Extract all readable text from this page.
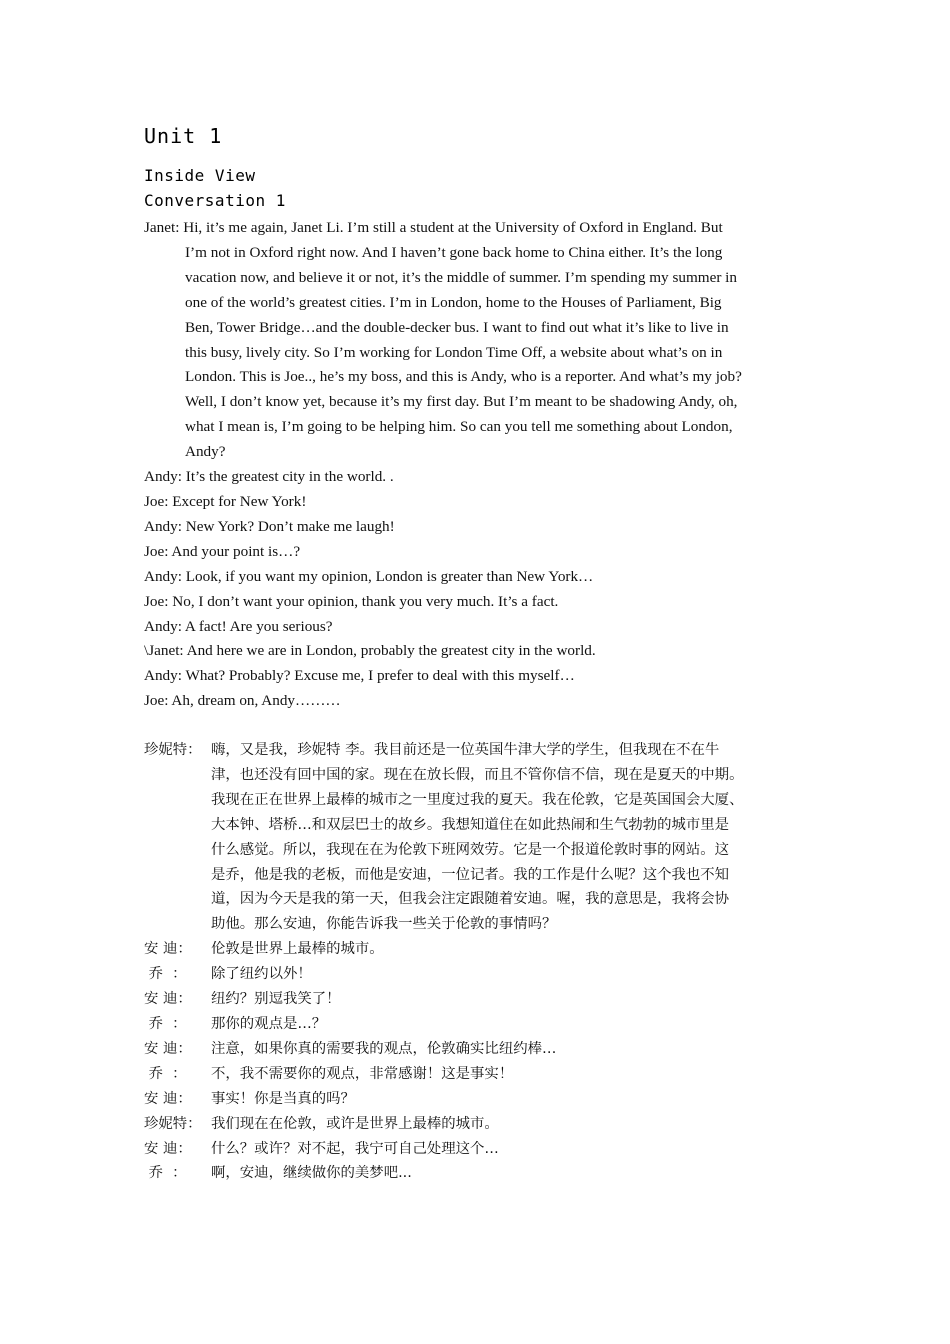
Unit 1
Inside View
Conversation 1
Janet: Hi, it’s me again, Janet Li. I’m still a student at the University of Oxford in England. But
I’m not in Oxford right now. And I haven’t gone back home to China either. It’s the long
vacation now, and believe it or not, it’s the middle of summer. I’m spending my summer in
one of the world’s greatest cities. I’m in London, home to the Houses of Parliament, Big
Ben, Tower Bridge…and the double-decker bus. I want to find out what it’s like to live in
this busy, lively city. So I’m working for London Time Off, a website about what’s on in
London. This is Joe.., he’s my boss, and this is Andy, who is a reporter. And what’s my job?
Well, I don’t know yet, because it’s my first day. But I’m meant to be shadowing Andy, oh,
what I mean is, I’m going to be helping him. So can you tell me something about London,
Andy?
Andy: It’s the greatest city in the world. .
Joe: Except for New York!
Andy: New York? Don’t make me laugh!
Joe: And your point is…?
Andy: Look, if you want my opinion, London is greater than New York…
Joe: No, I don’t want your opinion, thank you very much. It’s a fact.
Andy: A fact! Are you serious?
\Janet: And here we are in London, probably the greatest city in the world.
Andy: What? Probably? Excuse me, I prefer to deal with this myself…
Joe: Ah, dream on, Andy………
珍妮特： 嗨，又是我，珍妮特 李。我目前还是一位英国牛津大学的学生，但我现在不在牛
津，也还没有回中国的家。现在在放长假，而且不管你信不信，现在是夏天的中期。
我现在正在世界上最棒的城市之一里度过我的夏天。我在伦敦，它是英国国会大厦、
大本钟、塔桥…和双层巴士的故乡。我想知道住在如此热闹和生气勃勃的城市里是
什么感觉。所以，我现在在为伦敦下班网效劳。它是一个报道伦敦时事的网站。这
是乔，他是我的老板，而他是安迪，一位记者。我的工作是什么呢？这个我也不知
道，因为今天是我的第一天，但我会注定跟随着安迪。喔，我的意思是，我将会协
助他。那么安迪，你能告诉我一些关于伦敦的事情吗？
安 迪：	伦敦是世界上最棒的城市。
乔  ：	除了纽约以外！
安 迪：	纽约？别逗我笑了！
乔  ：	那你的观点是…？
安 迪：	注意，如果你真的需要我的观点，伦敦确实比纽约棒…
乔  ：	不，我不需要你的观点，非常感谢！这是事实！
安 迪：	事实！你是当真的吗？
珍妮特： 我们现在在伦敦，或许是世界上最棒的城市。
安 迪：	什么？或许？对不起，我宁可自己处理这个…
乔  ：	啊，安迪，继续做你的美梦吧...
